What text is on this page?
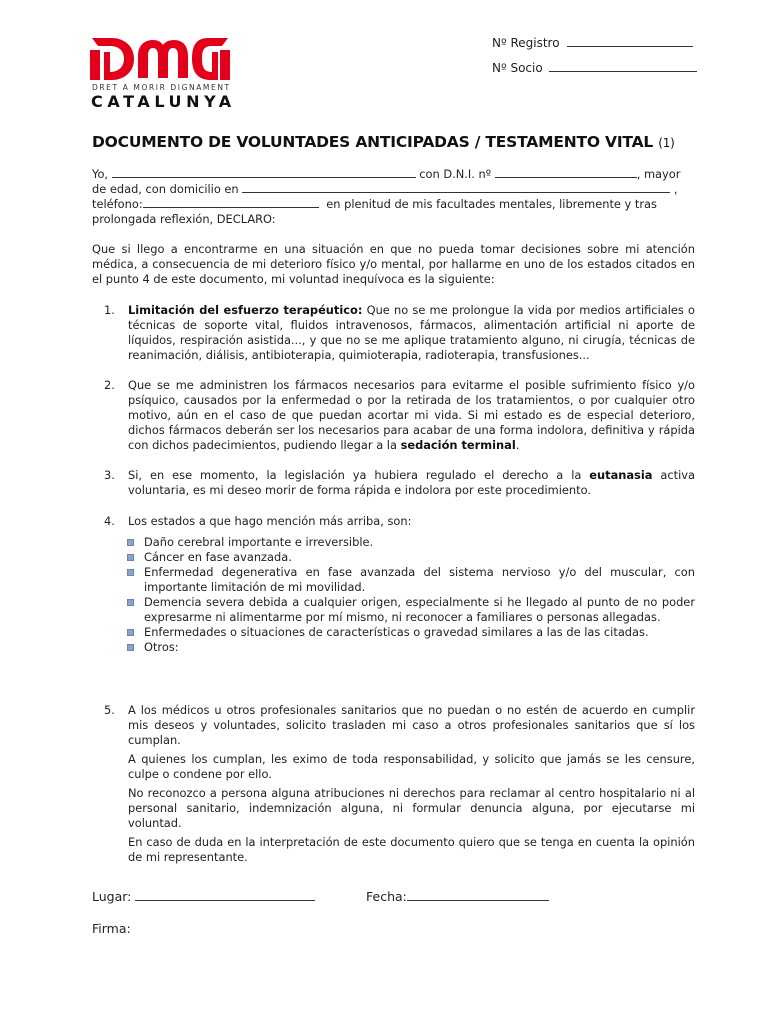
DRET A MORIR DIGNAMENT
CATALUNYA
Nº Registro
Nº Socio
DOCUMENTO DE VOLUNTADES ANTICIPADAS / TESTAMENTO VITAL (1)
Yo,	con D.N.I. nº	, mayor
de edad, con domicilio en	,
teléfono:	en plenitud de mis facultades mentales, libremente y tras
prolongada reflexión, DECLARO:
Que si llego a encontrarme en una situación en que no pueda tomar decisiones sobre mi atención médica, a consecuencia de mi deterioro físico y/o mental, por hallarme en uno de los estados citados en el punto 4 de este documento, mi voluntad inequívoca es la siguiente:
1. Limitación del esfuerzo terapéutico: Que no se me prolongue la vida por medios artificiales o técnicas de soporte vital, fluidos intravenosos, fármacos, alimentación artificial ni aporte de líquidos, respiración asistida..., y que no se me aplique tratamiento alguno, ni cirugía, técnicas de reanimación, diálisis, antibioterapia, quimioterapia, radioterapia, transfusiones...
2. Que se me administren los fármacos necesarios para evitarme el posible sufrimiento físico y/o psíquico, causados por la enfermedad o por la retirada de los tratamientos, o por cualquier otro motivo, aún en el caso de que puedan acortar mi vida. Si mi estado es de especial deterioro, dichos fármacos deberán ser los necesarios para acabar de una forma indolora, definitiva y rápida con dichos padecimientos, pudiendo llegar a la sedación terminal.
3. Si, en ese momento, la legislación ya hubiera regulado el derecho a la eutanasia activa voluntaria, es mi deseo morir de forma rápida e indolora por este procedimiento.
4. Los estados a que hago mención más arriba, son:
Daño cerebral importante e irreversible.
Cáncer en fase avanzada.
Enfermedad degenerativa en fase avanzada del sistema nervioso y/o del muscular, con importante limitación de mi movilidad.
Demencia severa debida a cualquier origen, especialmente si he llegado al punto de no poder expresarme ni alimentarme por mí mismo, ni reconocer a familiares o personas allegadas.
Enfermedades o situaciones de características o gravedad similares a las de las citadas.
Otros:
5. A los médicos u otros profesionales sanitarios que no puedan o no estén de acuerdo en cumplir mis deseos y voluntades, solicito trasladen mi caso a otros profesionales sanitarios que sí los cumplan.

A quienes los cumplan, les eximo de toda responsabilidad, y solicito que jamás se les censure, culpe o condene por ello.

No reconozco a persona alguna atribuciones ni derechos para reclamar al centro hospitalario ni al personal sanitario, indemnización alguna, ni formular denuncia alguna, por ejecutarse mi voluntad.

En caso de duda en la interpretación de este documento quiero que se tenga en cuenta la opinión de mi representante.

Lugar:	Fecha:
Firma:
